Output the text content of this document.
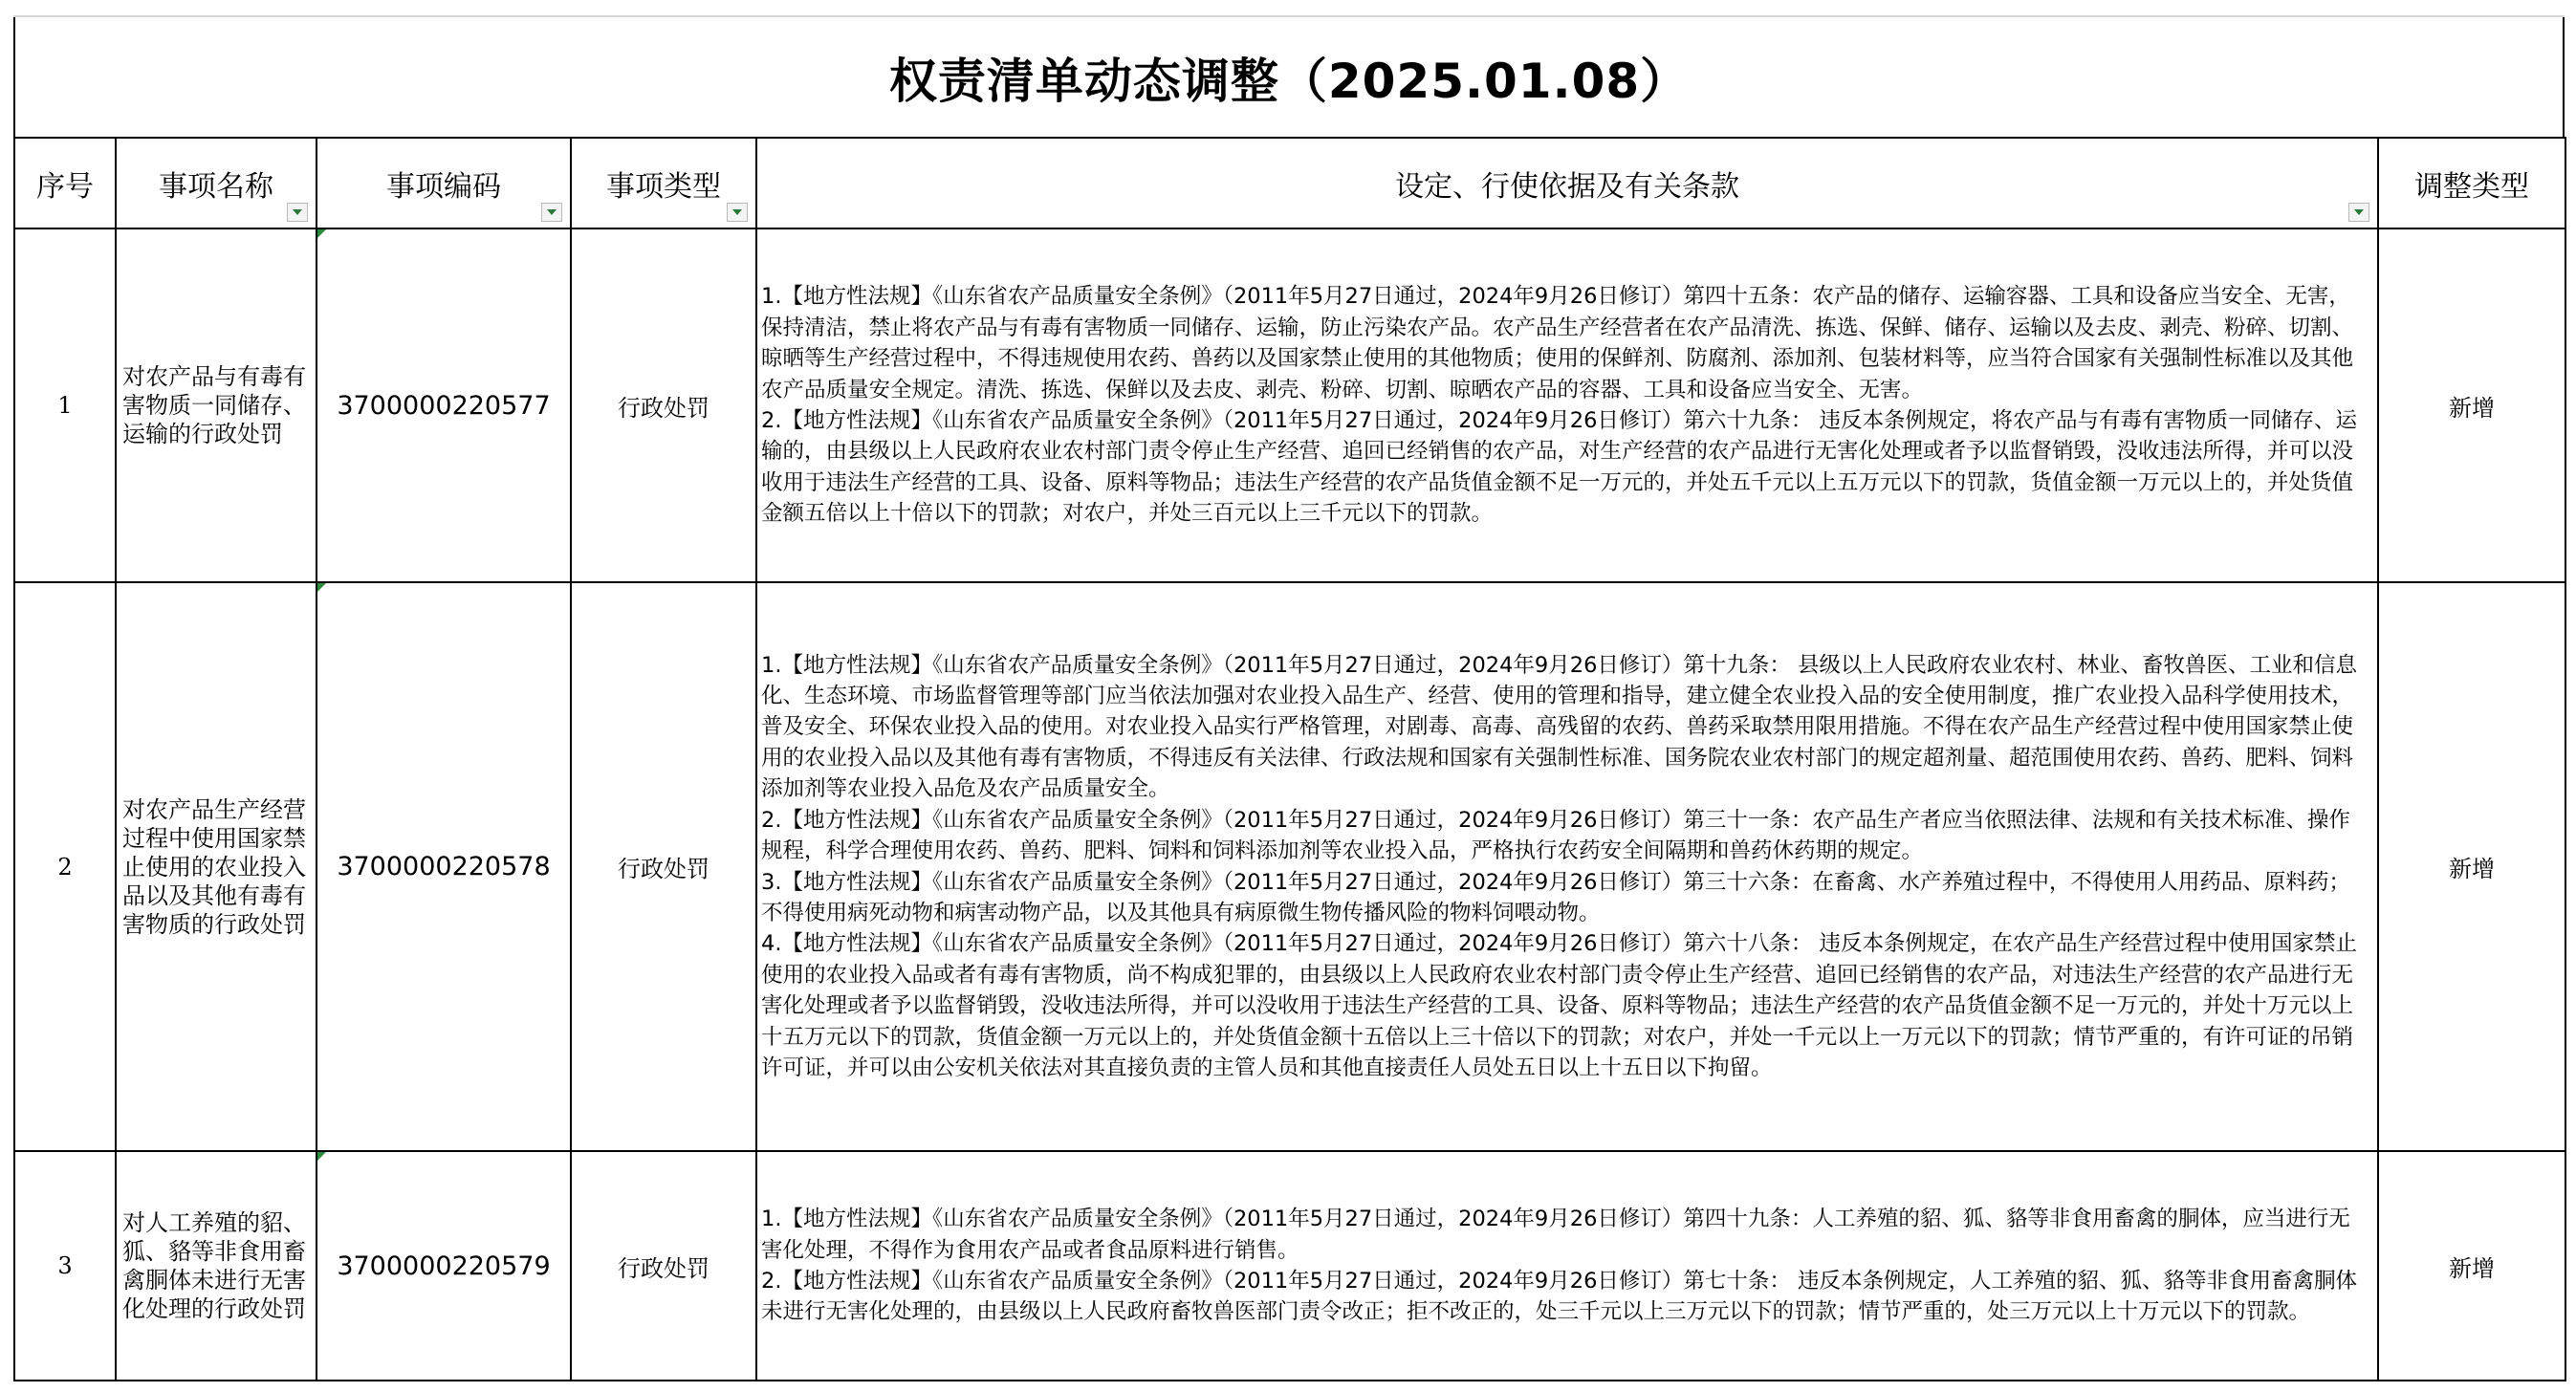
权责清单动态调整（2025.01.08）
序号	事项名称	事项编码	事项类型	设定、行使依据及有关条款	调整类型
1	对农产品与有毒有害物质一同储存、运输的行政处罚	3700000220577	行政处罚	1.【地方性法规】《山东省农产品质量安全条例》（2011年5月27日通过，2024年9月26日修订）第四十五条：农产品的储存、运输容器、工具和设备应当安全、无害，保持清洁，禁止将农产品与有毒有害物质一同储存、运输，防止污染农产品。农产品生产经营者在农产品清洗、拣选、保鲜、储存、运输以及去皮、剥壳、粉碎、切割、晾晒等生产经营过程中，不得违规使用农药、兽药以及国家禁止使用的其他物质；使用的保鲜剂、防腐剂、添加剂、包装材料等，应当符合国家有关强制性标准以及其他农产品质量安全规定。清洗、拣选、保鲜以及去皮、剥壳、粉碎、切割、晾晒农产品的容器、工具和设备应当安全、无害。
2.【地方性法规】《山东省农产品质量安全条例》（2011年5月27日通过，2024年9月26日修订）第六十九条： 违反本条例规定，将农产品与有毒有害物质一同储存、运输的，由县级以上人民政府农业农村部门责令停止生产经营、追回已经销售的农产品，对生产经营的农产品进行无害化处理或者予以监督销毁，没收违法所得，并可以没收用于违法生产经营的工具、设备、原料等物品；违法生产经营的农产品货值金额不足一万元的，并处五千元以上五万元以下的罚款，货值金额一万元以上的，并处货值金额五倍以上十倍以下的罚款；对农户，并处三百元以上三千元以下的罚款。	新增
2	对农产品生产经营过程中使用国家禁止使用的农业投入品以及其他有毒有害物质的行政处罚	3700000220578	行政处罚	1.【地方性法规】《山东省农产品质量安全条例》（2011年5月27日通过，2024年9月26日修订）第十九条： 县级以上人民政府农业农村、林业、畜牧兽医、工业和信息化、生态环境、市场监督管理等部门应当依法加强对农业投入品生产、经营、使用的管理和指导，建立健全农业投入品的安全使用制度，推广农业投入品科学使用技术，普及安全、环保农业投入品的使用。对农业投入品实行严格管理，对剧毒、高毒、高残留的农药、兽药采取禁用限用措施。不得在农产品生产经营过程中使用国家禁止使用的农业投入品以及其他有毒有害物质，不得违反有关法律、行政法规和国家有关强制性标准、国务院农业农村部门的规定超剂量、超范围使用农药、兽药、肥料、饲料添加剂等农业投入品危及农产品质量安全。
2.【地方性法规】《山东省农产品质量安全条例》（2011年5月27日通过，2024年9月26日修订）第三十一条：农产品生产者应当依照法律、法规和有关技术标准、操作规程，科学合理使用农药、兽药、肥料、饲料和饲料添加剂等农业投入品，严格执行农药安全间隔期和兽药休药期的规定。
3.【地方性法规】《山东省农产品质量安全条例》（2011年5月27日通过，2024年9月26日修订）第三十六条：在畜禽、水产养殖过程中，不得使用人用药品、原料药；不得使用病死动物和病害动物产品，以及其他具有病原微生物传播风险的物料饲喂动物。
4.【地方性法规】《山东省农产品质量安全条例》（2011年5月27日通过，2024年9月26日修订）第六十八条： 违反本条例规定，在农产品生产经营过程中使用国家禁止使用的农业投入品或者有毒有害物质，尚不构成犯罪的，由县级以上人民政府农业农村部门责令停止生产经营、追回已经销售的农产品，对违法生产经营的农产品进行无害化处理或者予以监督销毁，没收违法所得，并可以没收用于违法生产经营的工具、设备、原料等物品；违法生产经营的农产品货值金额不足一万元的，并处十万元以上十五万元以下的罚款，货值金额一万元以上的，并处货值金额十五倍以上三十倍以下的罚款；对农户，并处一千元以上一万元以下的罚款；情节严重的，有许可证的吊销许可证，并可以由公安机关依法对其直接负责的主管人员和其他直接责任人员处五日以上十五日以下拘留。	新增
3	对人工养殖的貂、狐、貉等非食用畜禽胴体未进行无害化处理的行政处罚	3700000220579	行政处罚	1.【地方性法规】《山东省农产品质量安全条例》（2011年5月27日通过，2024年9月26日修订）第四十九条：人工养殖的貂、狐、貉等非食用畜禽的胴体，应当进行无害化处理，不得作为食用农产品或者食品原料进行销售。
2.【地方性法规】《山东省农产品质量安全条例》（2011年5月27日通过，2024年9月26日修订）第七十条： 违反本条例规定，人工养殖的貂、狐、貉等非食用畜禽胴体未进行无害化处理的，由县级以上人民政府畜牧兽医部门责令改正；拒不改正的，处三千元以上三万元以下的罚款；情节严重的，处三万元以上十万元以下的罚款。	新增
